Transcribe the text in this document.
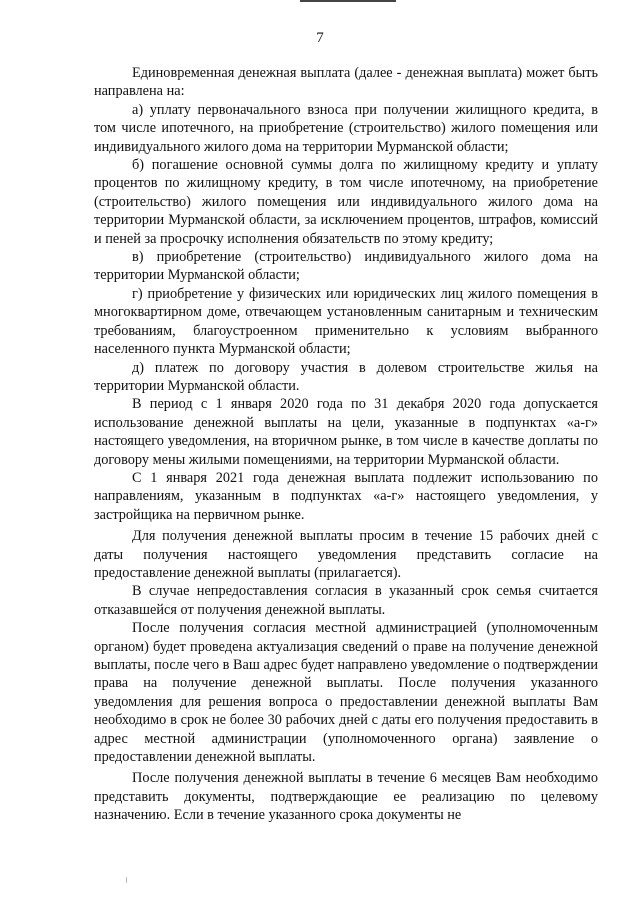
7

Единовременная денежная выплата (далее - денежная выплата) может быть направлена на:

а) уплату первоначального взноса при получении жилищного кредита, в том числе ипотечного, на приобретение (строительство) жилого помещения или индивидуального жилого дома на территории Мурманской области;

б) погашение основной суммы долга по жилищному кредиту и уплату процентов по жилищному кредиту, в том числе ипотечному, на приобретение (строительство) жилого помещения или индивидуального жилого дома на территории Мурманской области, за исключением процентов, штрафов, комиссий и пеней за просрочку исполнения обязательств по этому кредиту;

в) приобретение (строительство) индивидуального жилого дома на территории Мурманской области;

г) приобретение у физических или юридических лиц жилого помещения в многоквартирном доме, отвечающем установленным санитарным и техническим требованиям, благоустроенном применительно к условиям выбранного населенного пункта Мурманской области;

д) платеж по договору участия в долевом строительстве жилья на территории Мурманской области.

В период с 1 января 2020 года по 31 декабря 2020 года допускается использование денежной выплаты на цели, указанные в подпунктах «а-г» настоящего уведомления, на вторичном рынке, в том числе в качестве доплаты по договору мены жилыми помещениями, на территории Мурманской области.

С 1 января 2021 года денежная выплата подлежит использованию по направлениям, указанным в подпунктах «а-г» настоящего уведомления, у застройщика на первичном рынке.

Для получения денежной выплаты просим в течение 15 рабочих дней с даты получения настоящего уведомления представить согласие на предоставление денежной выплаты (прилагается).

В случае непредоставления согласия в указанный срок семья считается отказавшейся от получения денежной выплаты.

После получения согласия местной администрацией (уполномоченным органом) будет проведена актуализация сведений о праве на получение денежной выплаты, после чего в Ваш адрес будет направлено уведомление о подтверждении права на получение денежной выплаты. После получения указанного уведомления для решения вопроса о предоставлении денежной выплаты Вам необходимо в срок не более 30 рабочих дней с даты его получения предоставить в адрес местной администрации (уполномоченного органа) заявление о предоставлении денежной выплаты.

После получения денежной выплаты в течение 6 месяцев Вам необходимо представить документы, подтверждающие ее реализацию по целевому назначению. Если в течение указанного срока документы не
